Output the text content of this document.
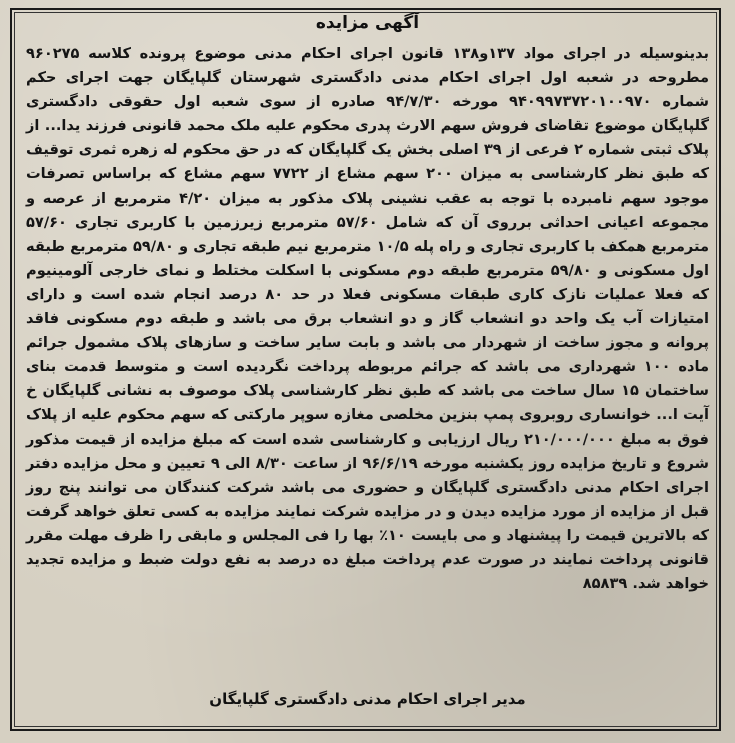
آگهی مزایده
بدینوسیله در اجرای مواد ۱۳۷و۱۳۸ قانون اجرای احکام مدنی موضوع پرونده کلاسه ۹۶۰۲۷۵ مطروحه در شعبه اول اجرای احکام مدنی دادگستری شهرستان گلپایگان جهت اجرای حکم شماره ۹۴۰۹۹۷۳۷۲۰۱۰۰۹۷۰ مورخه ۹۴/۷/۳۰ صادره از سوی شعبه اول حقوقی دادگستری گلپایگان موضوع تقاضای فروش سهم الارث پدری محکوم علیه ملک محمد قانونی فرزند یدا... از پلاک ثبتی شماره ۲ فرعی از ۳۹ اصلی بخش یک گلپایگان که در حق محکوم له زهره ثمری توقیف که طبق نظر کارشناسی به میزان ۲۰۰ سهم مشاع از ۷۷۲۲ سهم مشاع که براساس تصرفات موجود سهم نامبرده با توجه به عقب نشینی پلاک مذکور به میزان ۴/۲۰ مترمربع از عرصه و مجموعه اعیانی احداثی برروی آن که شامل ۵۷/۶۰ مترمربع زیرزمین با کاربری تجاری ۵۷/۶۰ مترمربع همکف با کاربری تجاری و راه پله ۱۰/۵ مترمربع نیم طبقه تجاری و ۵۹/۸۰ مترمربع طبقه اول مسکونی و ۵۹/۸۰ مترمربع طبقه دوم مسکونی با اسکلت مختلط و نمای خارجی آلومینیوم که فعلا عملیات نازک کاری طبقات مسکونی فعلا در حد ۸۰ درصد انجام شده است و دارای امتیازات آب یک واحد دو انشعاب گاز و دو انشعاب برق می باشد و طبقه دوم مسکونی فاقد پروانه و مجوز ساخت از شهردار می باشد و بابت سایر ساخت و سازهای پلاک مشمول جرائم ماده ۱۰۰ شهرداری می باشد که جرائم مربوطه پرداخت نگردیده است و متوسط قدمت بنای ساختمان ۱۵ سال ساخت می باشد که طبق نظر کارشناسی پلاک موصوف به نشانی گلپایگان خ آیت ا... خوانساری روبروی پمپ بنزین مخلصی مغازه سوپر مارکتی که سهم محکوم علیه از پلاک فوق به مبلغ ۲۱۰/۰۰۰/۰۰۰ ریال ارزیابی و کارشناسی شده است که مبلغ مزایده از قیمت مذکور شروع و تاریخ مزایده روز یکشنبه مورخه ۹۶/۶/۱۹ از ساعت ۸/۳۰ الی ۹ تعیین و محل مزایده دفتر اجرای احکام مدنی دادگستری گلپایگان و حضوری می باشد شرکت کنندگان می توانند پنج روز قبل از مزایده از مورد مزایده دیدن و در مزایده شرکت نمایند مزایده به کسی تعلق خواهد گرفت که بالاترین قیمت را پیشنهاد و می بایست ۱۰٪ بها را فی المجلس و مابقی را ظرف مهلت مقرر قانونی پرداخت نمایند در صورت عدم پرداخت مبلغ ده درصد به نفع دولت ضبط و مزایده تجدید خواهد شد. ۸۵۸۳۹
مدیر اجرای احکام مدنی دادگستری گلپایگان
